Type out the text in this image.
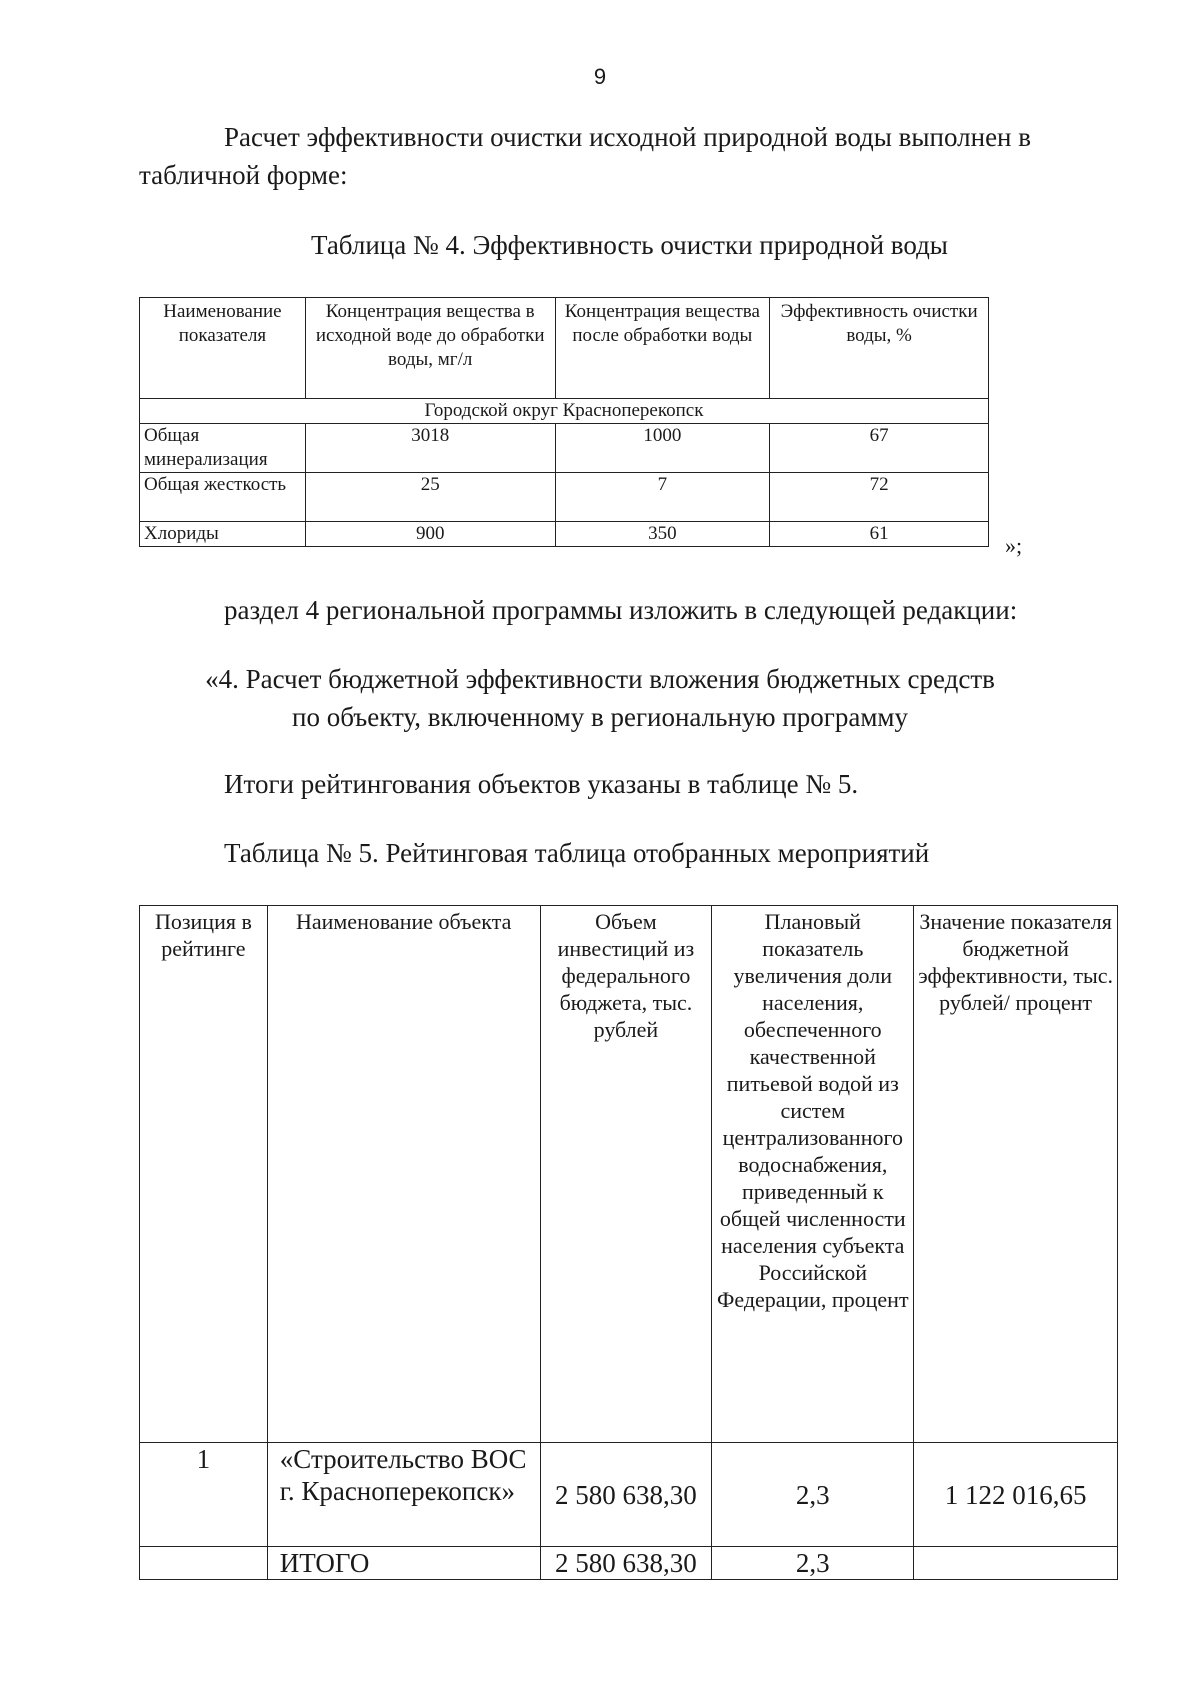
9

Расчет эффективности очистки исходной природной воды выполнен в табличной форме:

Таблица № 4. Эффективность очистки природной воды
Наименование показателя	Концентрация вещества в исходной воде до обработки воды, мг/л	Концентрация вещества после обработки воды	Эффективность очистки воды, %
Городской округ Красноперекопск			
Общая минерализация	3018	1000	67
Общая жесткость	25	7	72
Хлориды	900	350	61	»;

раздел 4 региональной программы изложить в следующей редакции:

«4. Расчет бюджетной эффективности вложения бюджетных средств

по объекту, включенному в региональную программу

Итоги рейтингования объектов указаны в таблице № 5.

Таблица № 5. Рейтинговая таблица отобранных мероприятий
Позиция в рейтинге	Наименование объекта	Объем инвестиций из федерального бюджета, тыс. рублей	Плановый показатель увеличения доли населения, обеспеченного качественной питьевой водой из систем централизованного водоснабжения, приведенный к общей численности населения субъекта Российской Федерации, процент	Значение показателя бюджетной эффективности, тыс. рублей/ процент
1	«Строительство ВОС г. Красноперекопск»	2 580 638,30	2,3	1 122 016,65
	ИТОГО	2 580 638,30	2,3	
